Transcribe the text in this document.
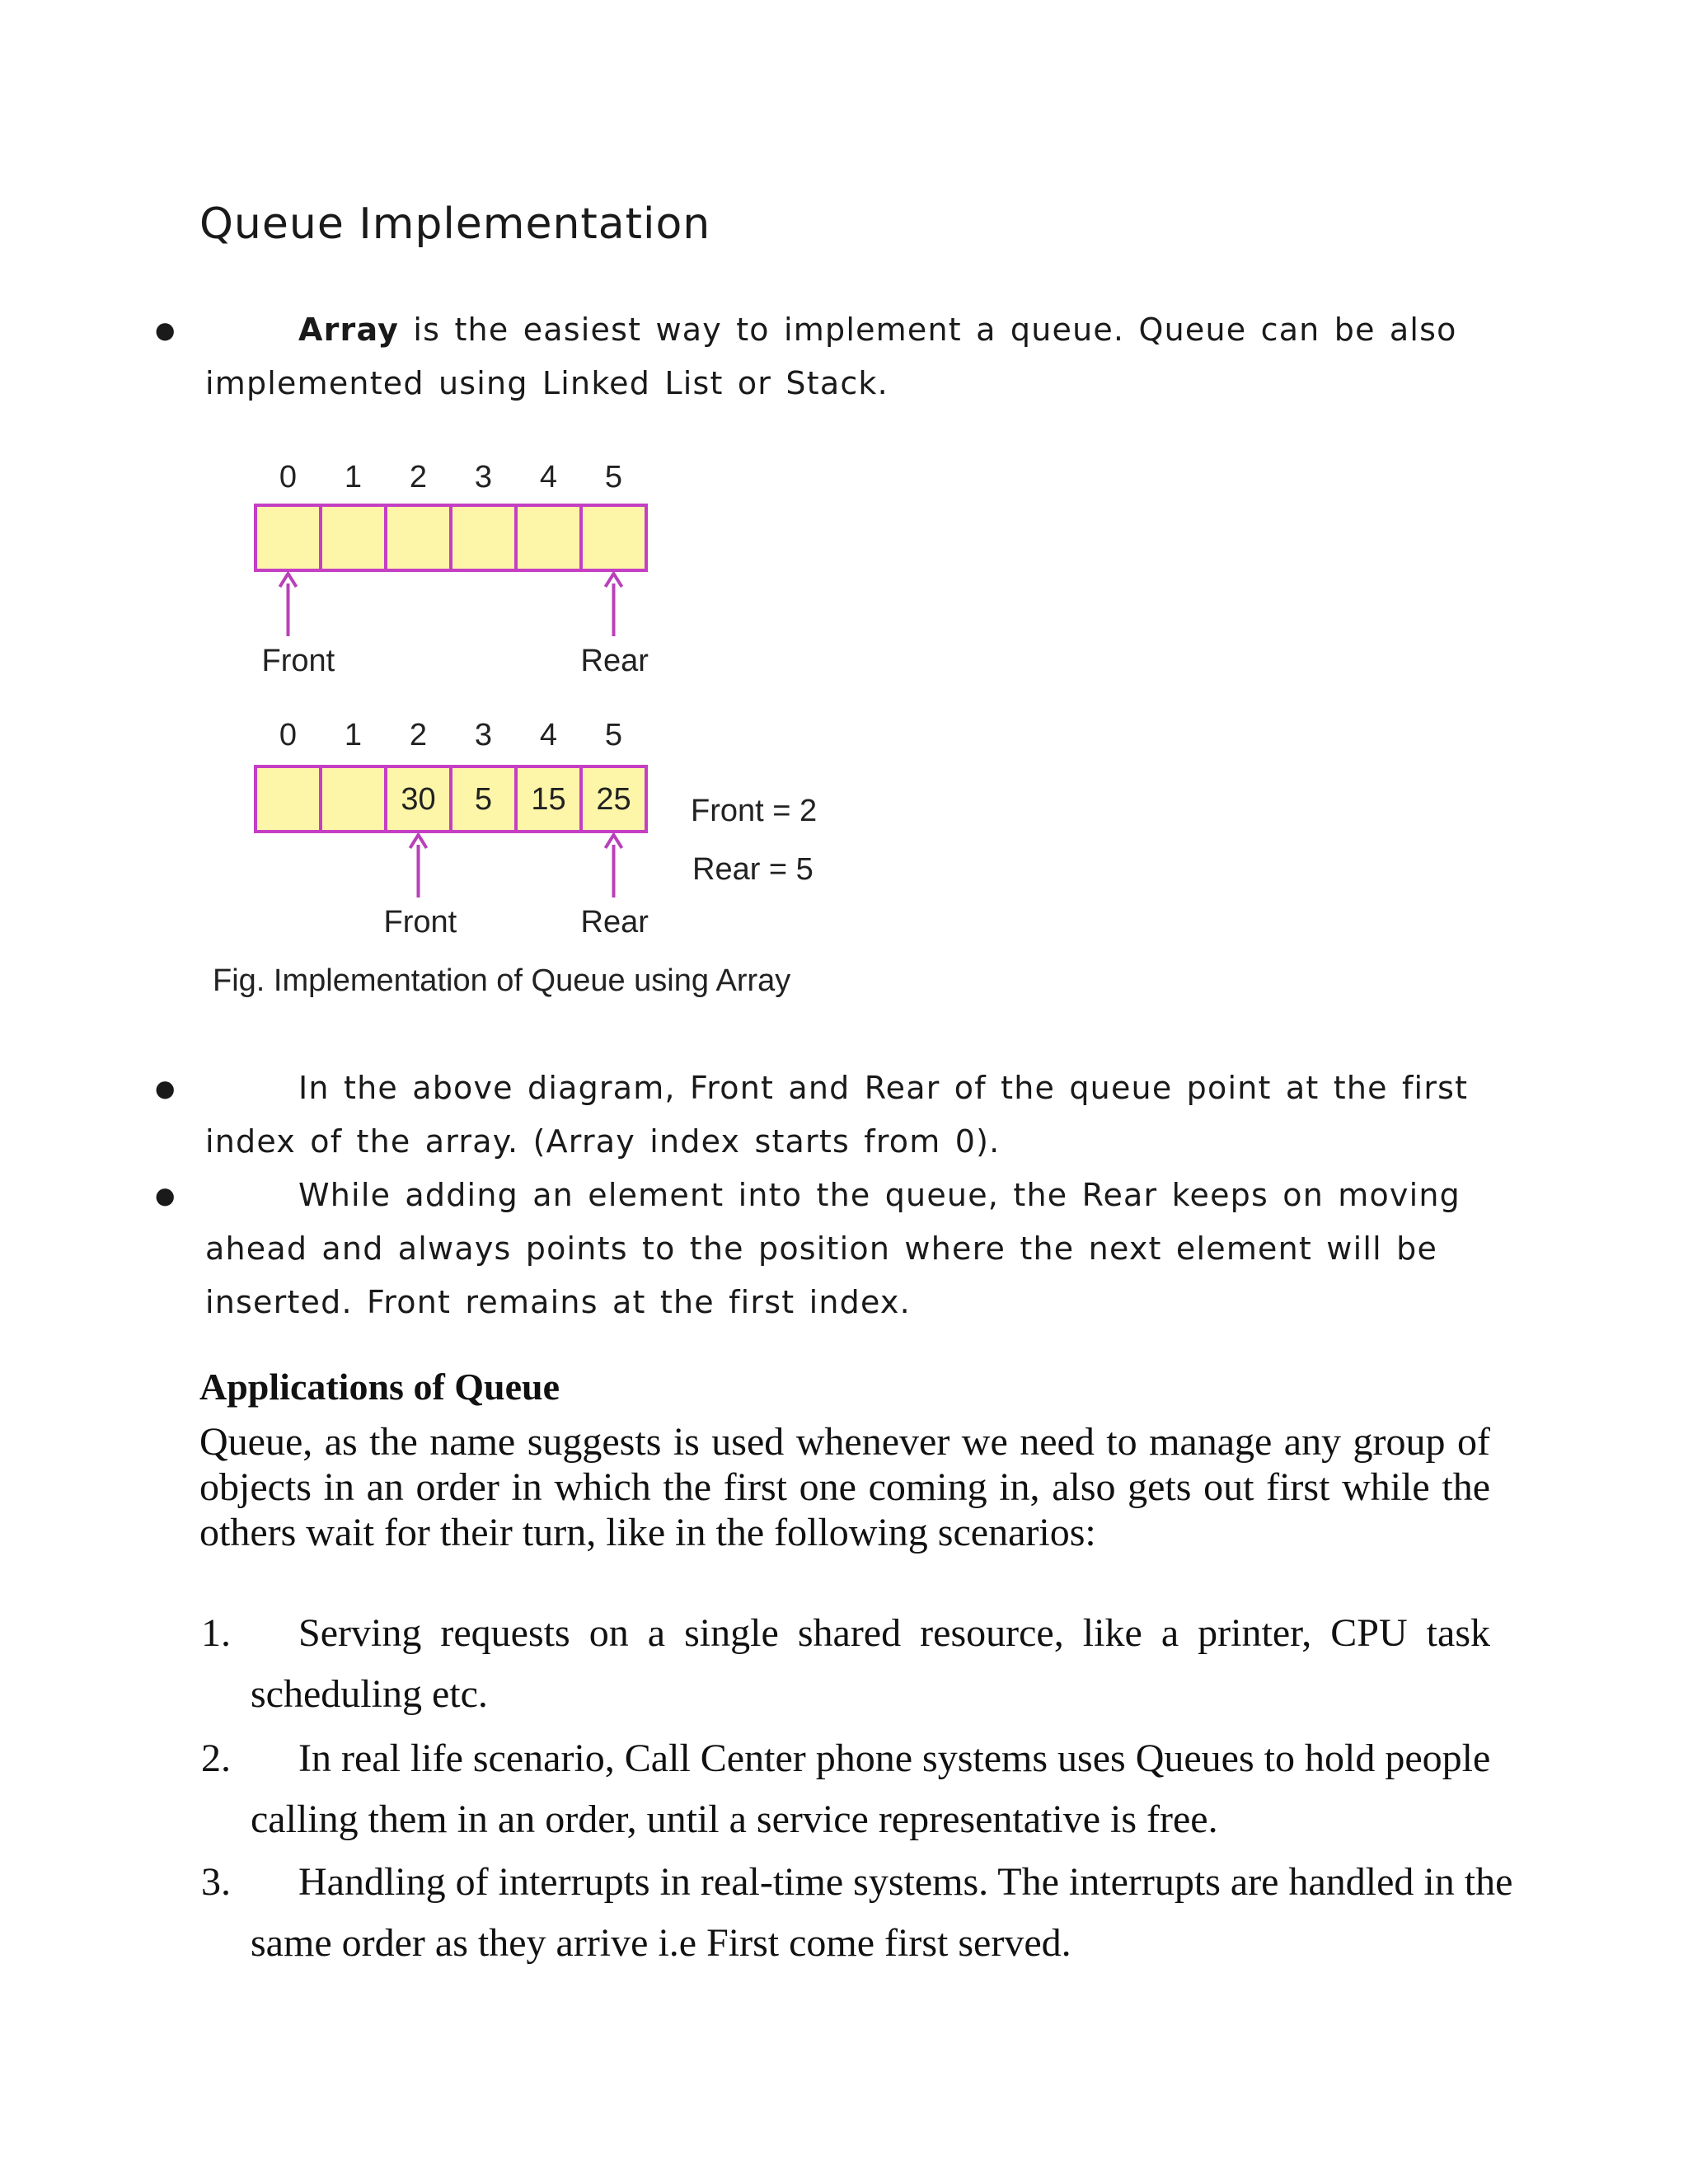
Queue Implementation
●	Array is the easiest way to implement a queue. Queue can be also
implemented using Linked List or Stack.
0 1 2 3 4 5
Front	Rear
0 1 2 3 4 5
30 5 15 25
Front	Rear
Front = 2
Rear = 5
Fig. Implementation of Queue using Array
●	In the above diagram, Front and Rear of the queue point at the first
index of the array. (Array index starts from 0).
●	While adding an element into the queue, the Rear keeps on moving
ahead and always points to the position where the next element will be
inserted. Front remains at the first index.
Applications of Queue
Queue, as the name suggests is used whenever we need to manage any group of
objects in an order in which the first one coming in, also gets out first while the
others wait for their turn, like in the following scenarios:
1. Serving requests on a single shared resource, like a printer, CPU task
scheduling etc.
2. In real life scenario, Call Center phone systems uses Queues to hold people
calling them in an order, until a service representative is free.
3. Handling of interrupts in real-time systems. The interrupts are handled in the
same order as they arrive i.e First come first served.
